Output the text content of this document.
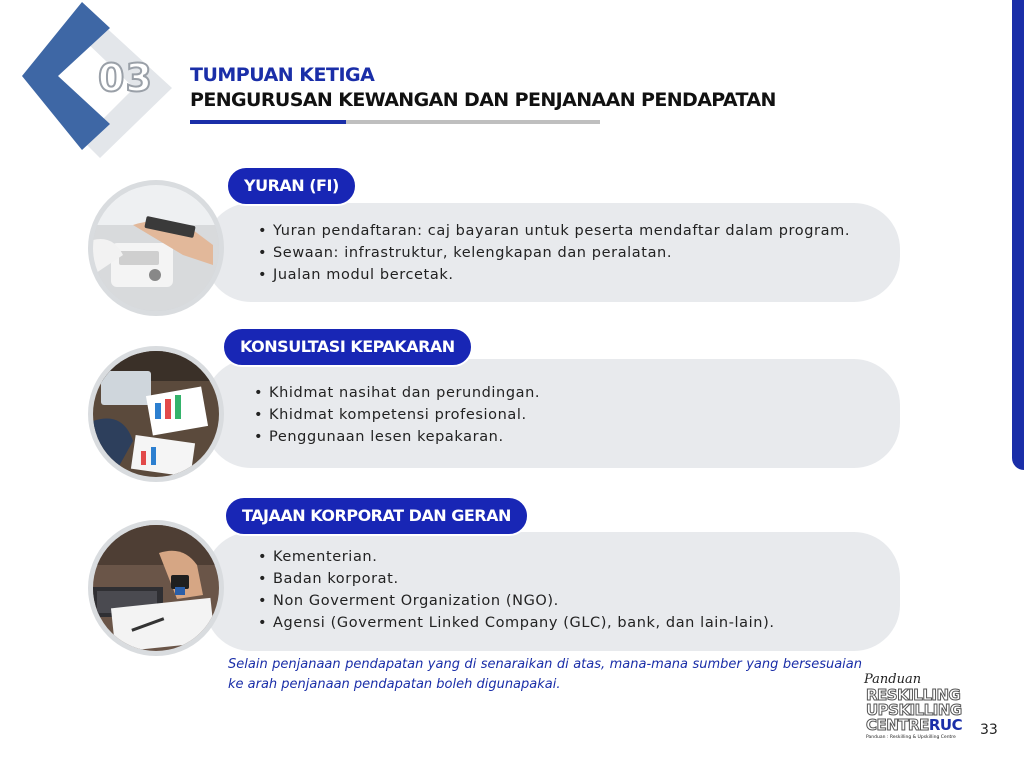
03 TUMPUAN KETIGA
PENGURUSAN KEWANGAN DAN PENJANAAN PENDAPATAN
YURAN (FI)
• Yuran pendaftaran: caj bayaran untuk peserta mendaftar dalam program.
• Sewaan: infrastruktur, kelengkapan dan peralatan.
• Jualan modul bercetak.
KONSULTASI KEPAKARAN
• Khidmat nasihat dan perundingan.
• Khidmat kompetensi profesional.
• Penggunaan lesen kepakaran.
TAJAAN KORPORAT DAN GERAN
• Kementerian.
• Badan korporat.
• Non Goverment Organization (NGO).
• Agensi (Goverment Linked Company (GLC), bank, dan lain-lain).
Selain penjanaan pendapatan yang di senaraikan di atas, mana-mana sumber yang bersesuaian ke arah penjanaan pendapatan boleh digunapakai.	Panduan
RESKILLING
UPSKILLING
CENTRERUC
Panduan : Reskilling & Upskilling Centre 33
